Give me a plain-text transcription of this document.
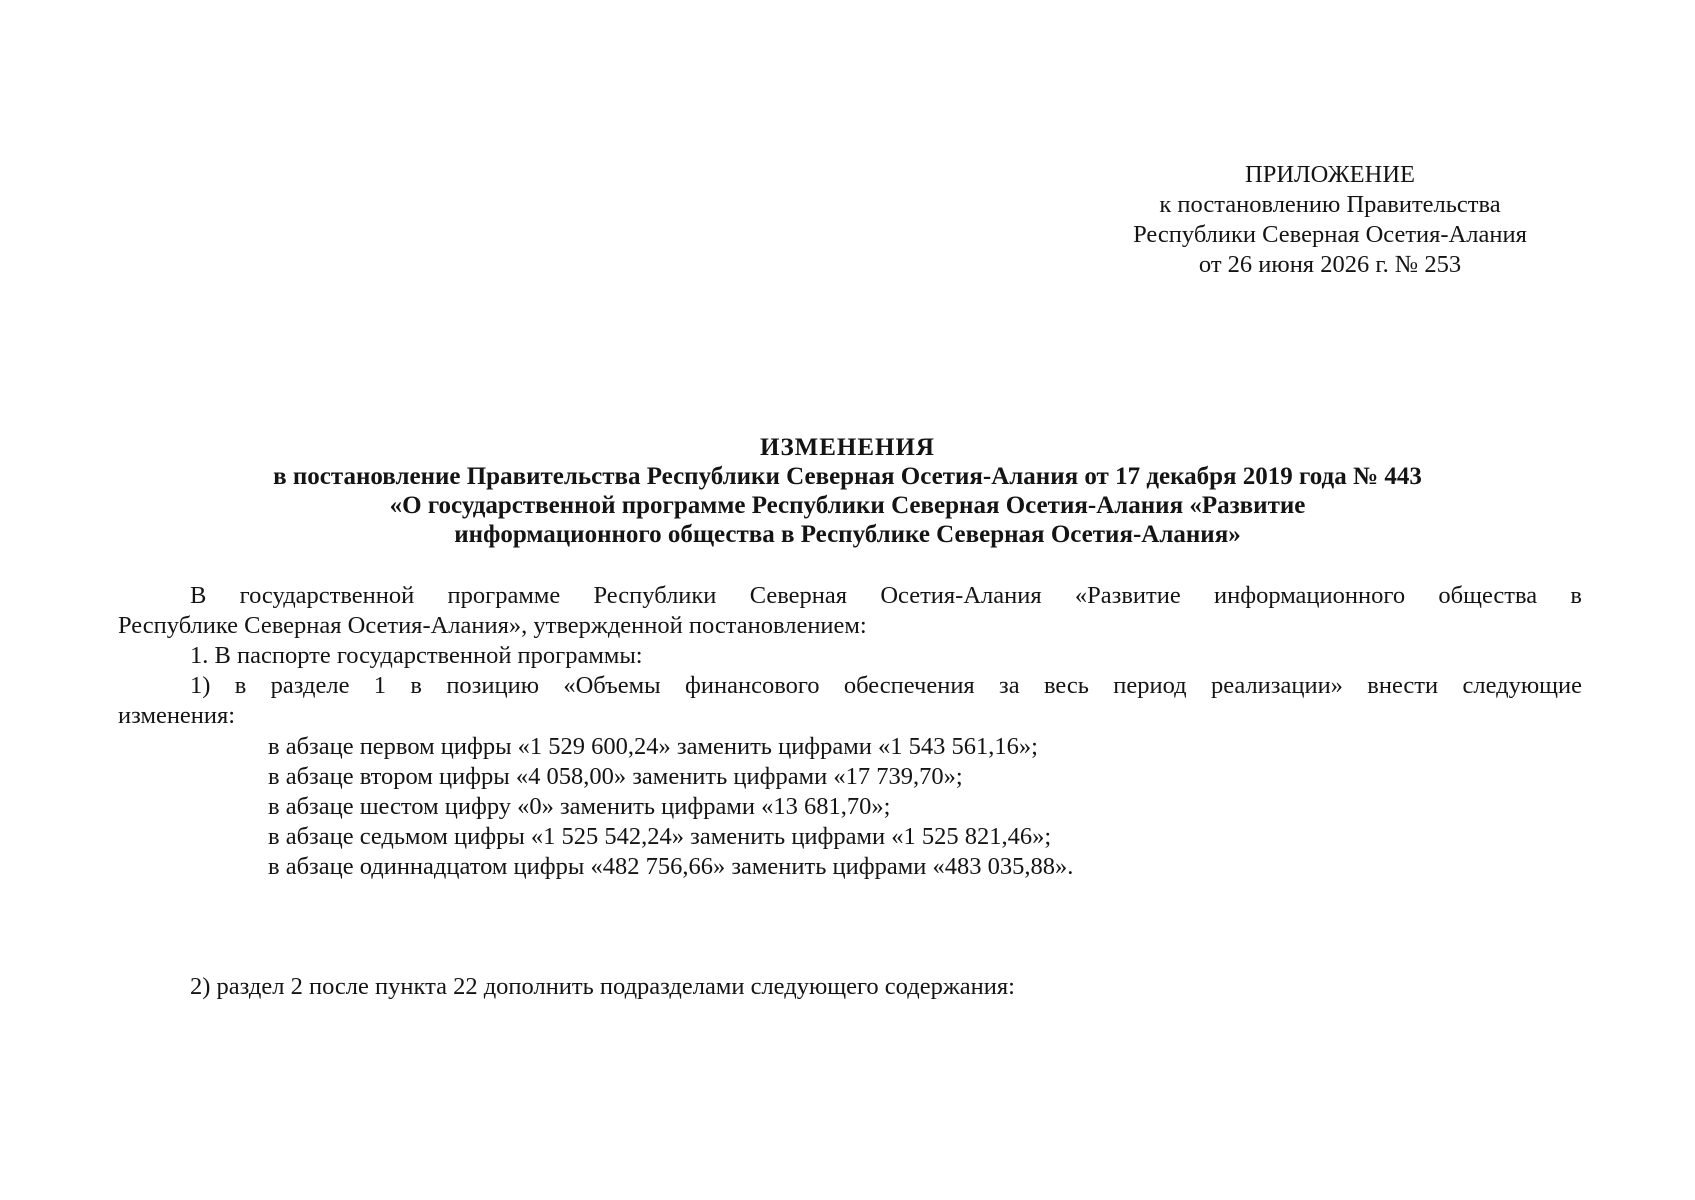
ПРИЛОЖЕНИЕ
к постановлению Правительства
Республики Северная Осетия-Алания
от 26 июня 2026 г. № 253
ИЗМЕНЕНИЯ
в постановление Правительства Республики Северная Осетия-Алания от 17 декабря 2019 года № 443
«О государственной программе Республики Северная Осетия-Алания «Развитие
информационного общества в Республике Северная Осетия-Алания»
В государственной программе Республики Северная Осетия-Алания «Развитие информационного общества в
Республике Северная Осетия-Алания», утвержденной постановлением:
1. В паспорте государственной программы:
1) в разделе 1 в позицию «Объемы финансового обеспечения за весь период реализации» внести следующие
изменения:
в абзаце первом цифры «1 529 600,24» заменить цифрами «1 543 561,16»;
в абзаце втором цифры «4 058,00» заменить цифрами «17 739,70»;
в абзаце шестом цифру «0» заменить цифрами «13 681,70»;
в абзаце седьмом цифры «1 525 542,24» заменить цифрами «1 525 821,46»;
в абзаце одиннадцатом цифры «482 756,66» заменить цифрами «483 035,88».
2) раздел 2 после пункта 22 дополнить подразделами следующего содержания:
